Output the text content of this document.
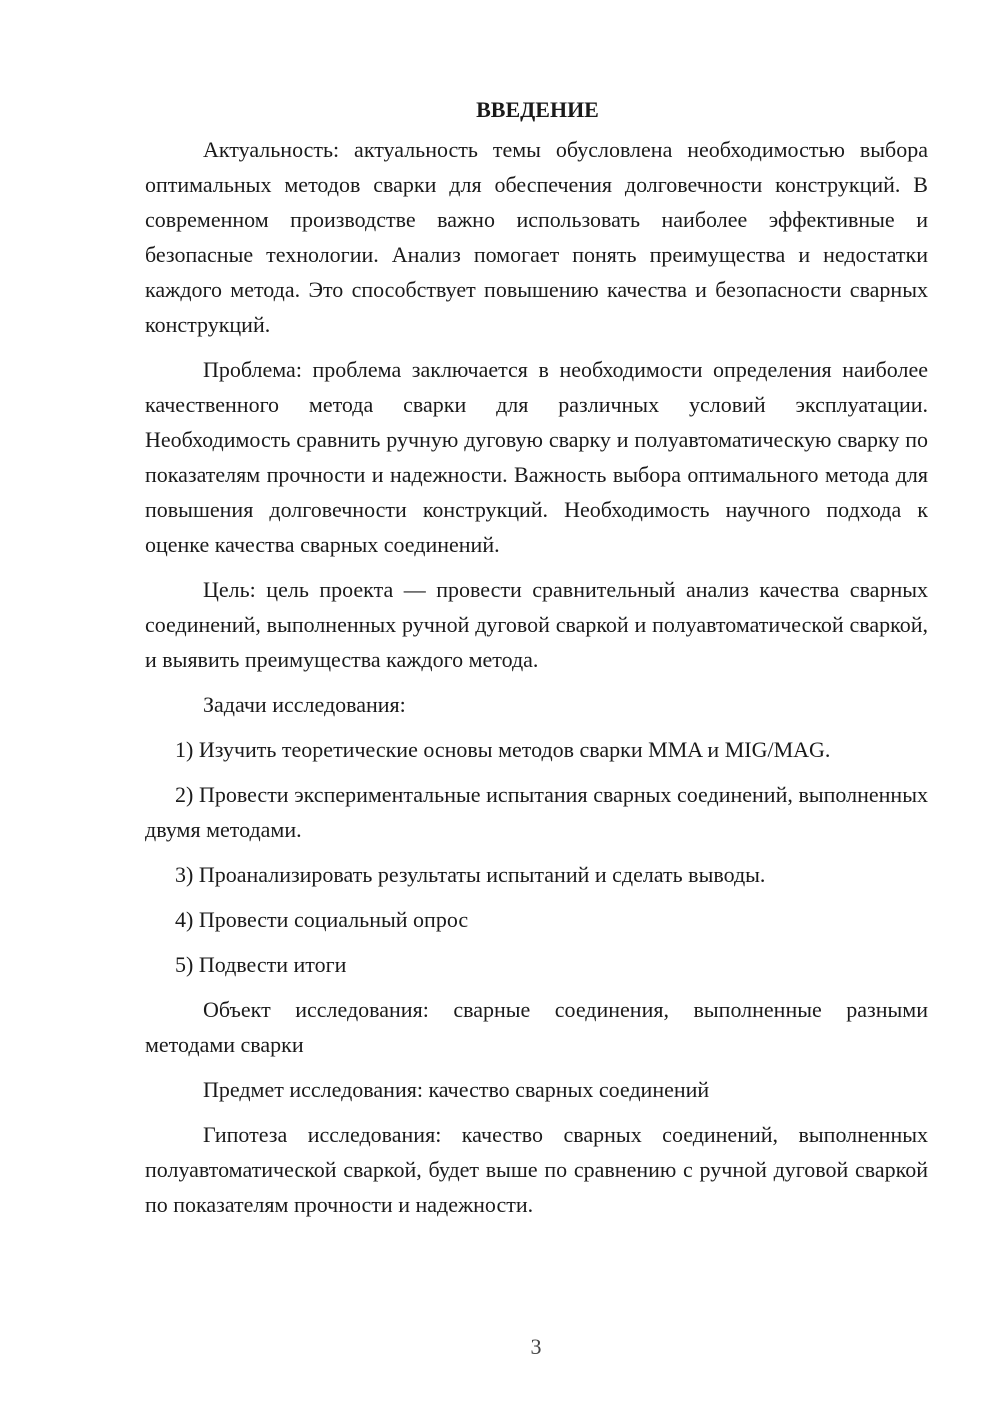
ВВЕДЕНИЕ

Актуальность: актуальность темы обусловлена необходимостью выбора оптимальных методов сварки для обеспечения долговечности конструкций. В современном производстве важно использовать наиболее эффективные и безопасные технологии. Анализ помогает понять преимущества и недостатки каждого метода. Это способствует повышению качества и безопасности сварных конструкций.

Проблема: проблема заключается в необходимости определения наиболее качественного метода сварки для различных условий эксплуатации. Необходимость сравнить ручную дуговую сварку и полуавтоматическую сварку по показателям прочности и надежности. Важность выбора оптимального метода для повышения долговечности конструкций. Необходимость научного подхода к оценке качества сварных соединений.

Цель: цель проекта — провести сравнительный анализ качества сварных соединений, выполненных ручной дуговой сваркой и полуавтоматической сваркой, и выявить преимущества каждого метода.

Задачи исследования:

1) Изучить теоретические основы методов сварки MMA и MIG/MAG.

2) Провести экспериментальные испытания сварных соединений, выполненных двумя методами.

3) Проанализировать результаты испытаний и сделать выводы.

4) Провести социальный опрос

5) Подвести итоги

Объект исследования: сварные соединения, выполненные разными методами сварки

Предмет исследования: качество сварных соединений

Гипотеза исследования: качество сварных соединений, выполненных полуавтоматической сваркой, будет выше по сравнению с ручной дуговой сваркой по показателям прочности и надежности.

3
